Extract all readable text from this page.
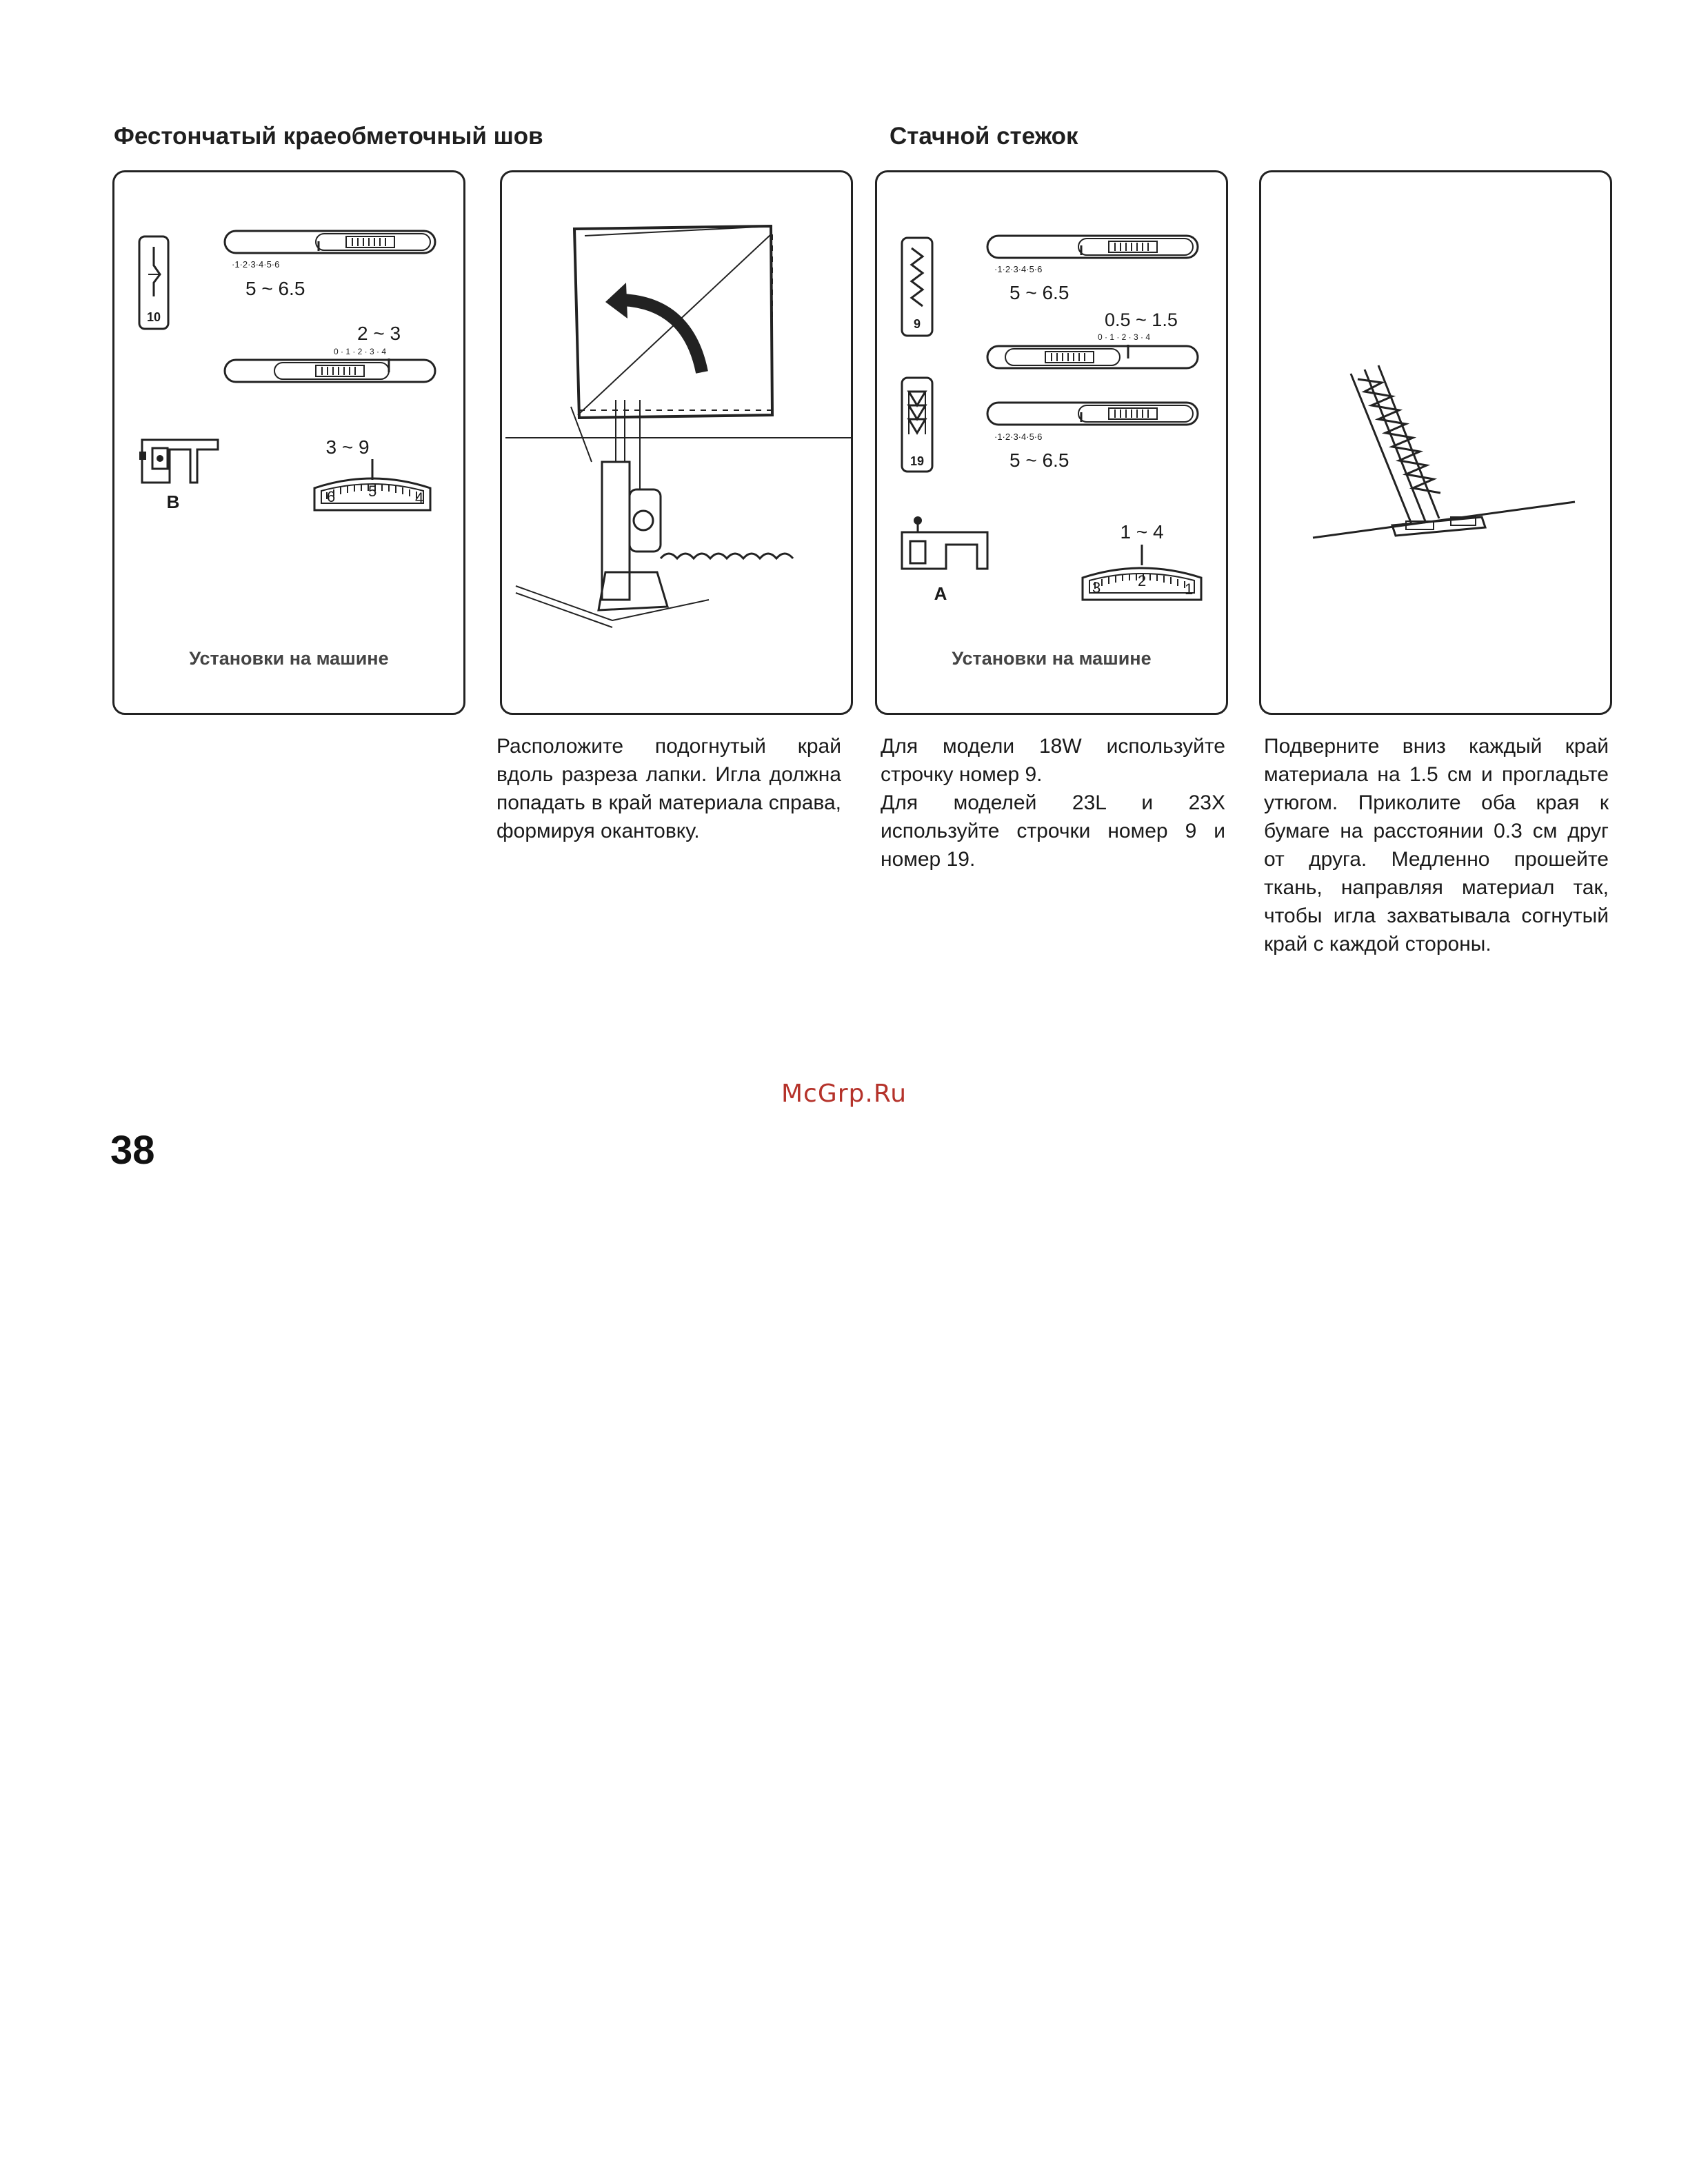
Фестончатый краеобметочный шов	Стачной стежок
10
·1·2·3·4·5·6
5 ~ 6.5
2 ~ 3
0 · 1 · 2 · 3 · 4
B
3 ~ 9
6 5	4
Установки на машине
9
·1·2·3·4·5·6
5 ~ 6.5
0.5 ~ 1.5
0 · 1 · 2 · 3 · 4
19
·1·2·3·4·5·6
5 ~ 6.5
A
1 ~ 4
3 2	1
Установки на машине

Расположите подогнутый край вдоль разреза лапки. Игла должна попадать в край материала справа, формируя окантовку.

Для модели 18W используйте строчку номер 9.

Для моделей 23L и 23X используйте строчки номер 9 и номер 19.

Подверните вниз каждый край материала на 1.5 см и прогладьте утюгом. Приколите оба края к бумаге на расстоянии 0.3 см друг от друга. Медленно прошейте ткань, направляя материал так, чтобы игла захватывала согнутый край с каждой стороны.

McGrp.Ru
38
